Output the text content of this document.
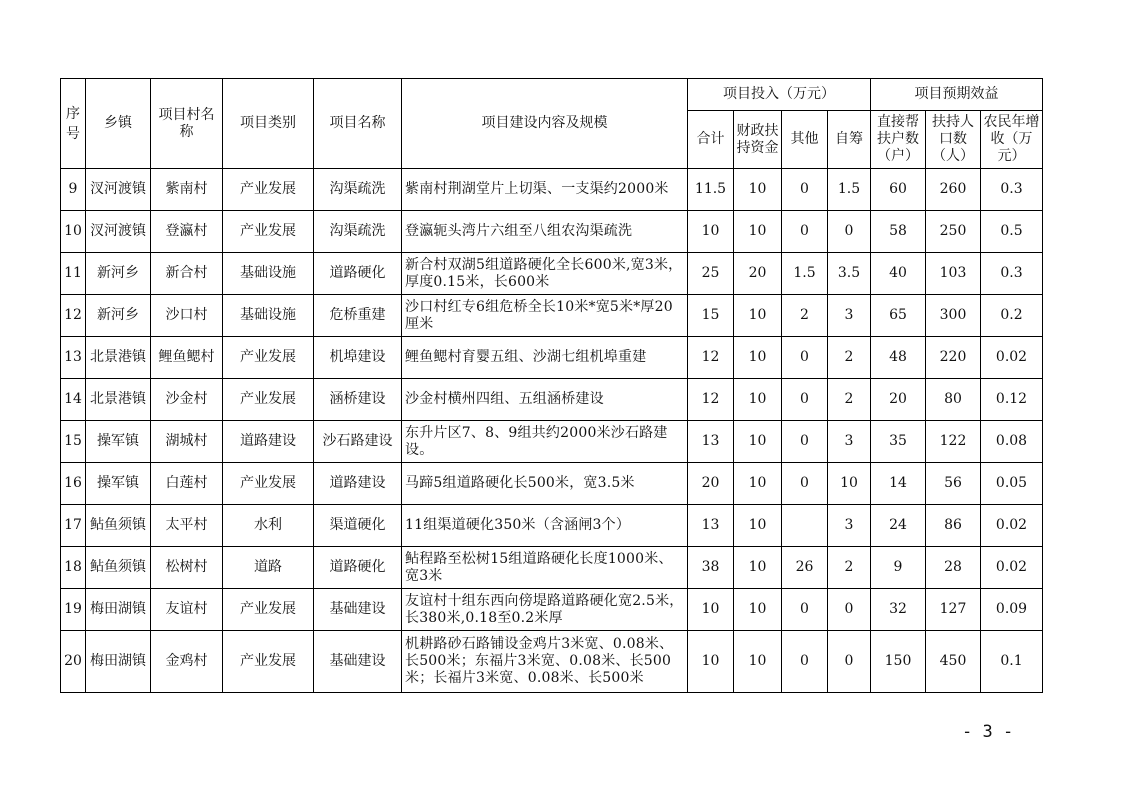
序号	乡镇	项目村名称	项目类别	项目名称	项目建设内容及规模	项目投入（万元）				项目预期效益		
						合计	财政扶持资金	其他	自筹	直接帮扶户数（户）	扶持人口数（人）	农民年增收（万元）
9	汊河渡镇	紫南村	产业发展	沟渠疏洗	紫南村荆湖堂片上切渠、一支渠约2000米	11.5	10	0	1.5	60	260	0.3
10	汊河渡镇	登瀛村	产业发展	沟渠疏洗	登瀛轭头湾片六组至八组农沟渠疏洗	10	10	0	0	58	250	0.5
11	新河乡	新合村	基础设施	道路硬化	新合村双湖5组道路硬化全长600米,宽3米，厚度0.15米，长600米	25	20	1.5	3.5	40	103	0.3
12	新河乡	沙口村	基础设施	危桥重建	沙口村红专6组危桥全长10米*宽5米*厚20厘米	15	10	2	3	65	300	0.2
13	北景港镇	鲤鱼鳃村	产业发展	机埠建设	鲤鱼鳃村育婴五组、沙湖七组机埠重建	12	10	0	2	48	220	0.02
14	北景港镇	沙金村	产业发展	涵桥建设	沙金村横州四组、五组涵桥建设	12	10	0	2	20	80	0.12
15	操军镇	湖城村	道路建设	沙石路建设	东升片区7、8、9组共约2000米沙石路建设。	13	10	0	3	35	122	0.08
16	操军镇	白莲村	产业发展	道路建设	马蹄5组道路硬化长500米，宽3.5米	20	10	0	10	14	56	0.05
17	鲇鱼须镇	太平村	水利	渠道硬化	11组渠道硬化350米（含涵闸3个）	13	10		3	24	86	0.02
18	鲇鱼须镇	松树村	道路	道路硬化	鲇程路至松树15组道路硬化长度1000米、宽3米	38	10	26	2	9	28	0.02
19	梅田湖镇	友谊村	产业发展	基础建设	友谊村十组东西向傍堤路道路硬化宽2.5米，长380米,0.18至0.2米厚	10	10	0	0	32	127	0.09
20	梅田湖镇	金鸡村	产业发展	基础建设	机耕路砂石路铺设金鸡片3米宽、0.08米、长500米；东福片3米宽、0.08米、长500米；长福片3米宽、0.08米、长500米	10	10	0	0	150	450	0.1
- 3 -
